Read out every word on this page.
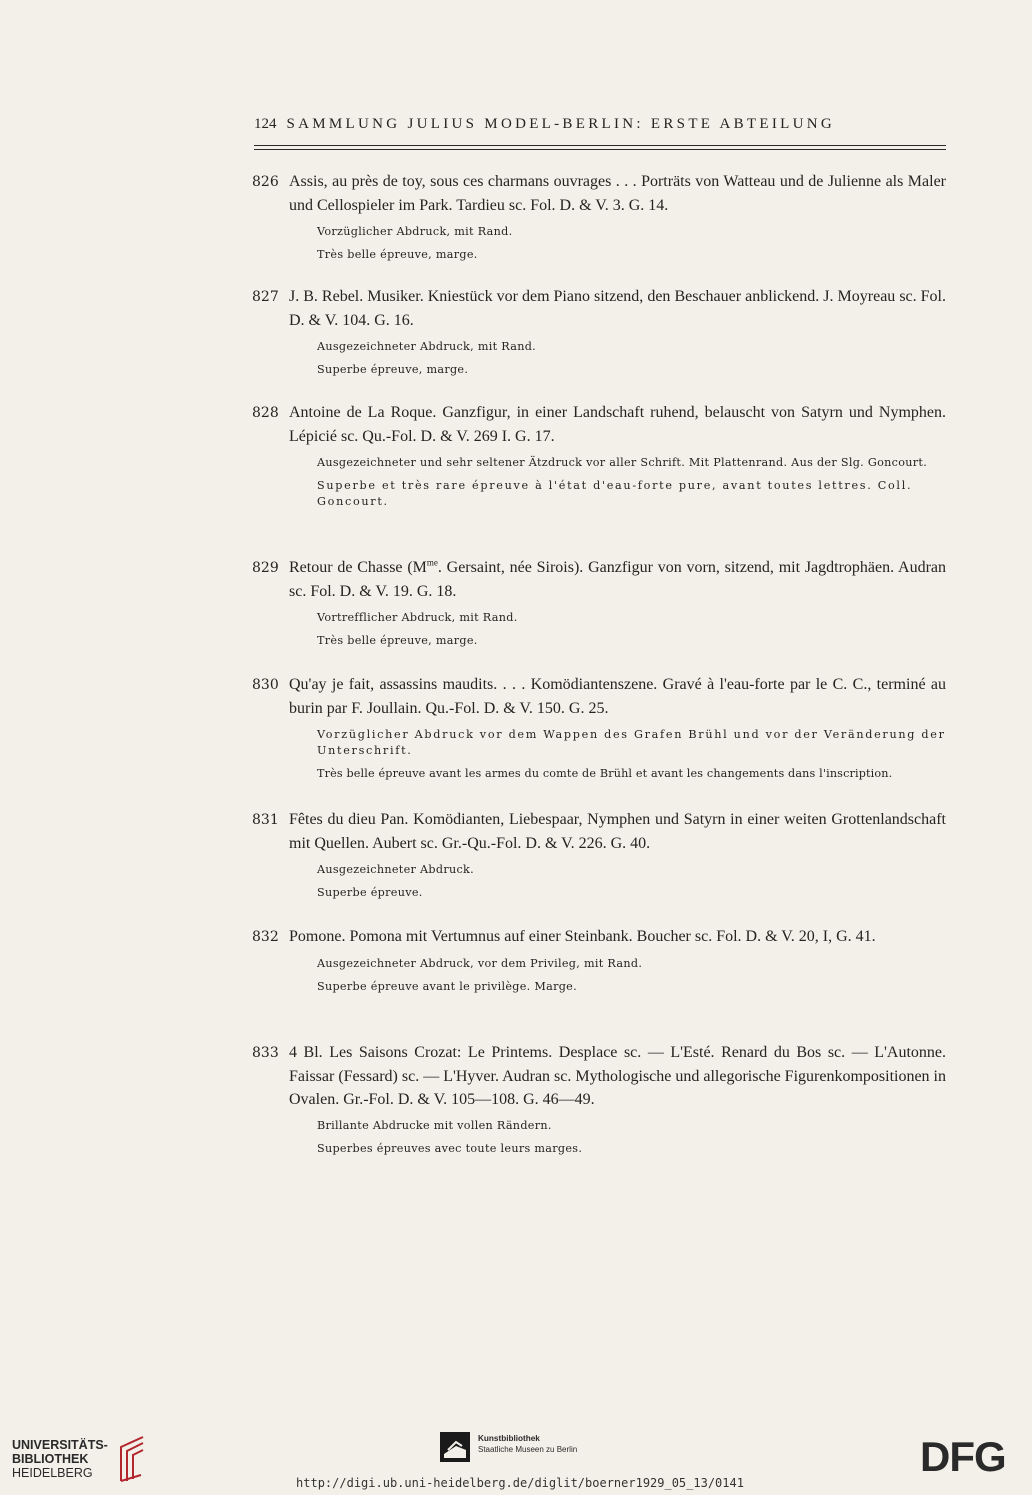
124 SAMMLUNG JULIUS MODEL-BERLIN: ERSTE ABTEILUNG

826 Assis, au près de toy, sous ces charmans ouvrages . . . Porträts von Watteau und de Julienne als Maler und Cellospieler im Park. Tardieu sc. Fol. D. & V. 3. G. 14.

Vorzüglicher Abdruck, mit Rand.

Très belle épreuve, marge.

827 J. B. Rebel. Musiker. Kniestück vor dem Piano sitzend, den Beschauer anblickend. J. Moyreau sc. Fol. D. & V. 104. G. 16.

Ausgezeichneter Abdruck, mit Rand.

Superbe épreuve, marge.

828 Antoine de La Roque. Ganzfigur, in einer Landschaft ruhend, belauscht von Satyrn und Nymphen. Lépicié sc. Qu.-Fol. D. & V. 269 I. G. 17.

Ausgezeichneter und sehr seltener Ätzdruck vor aller Schrift. Mit Plattenrand. Aus der Slg. Goncourt.

Superbe et très rare épreuve à l'état d'eau-forte pure, avant toutes lettres. Coll. Goncourt.

829 Retour de Chasse ($M^{me}$. Gersaint, née Sirois). Ganzfigur von vorn, sitzend, mit Jagdtrophäen. Audran sc. Fol. D. & V. 19. G. 18.

Vortrefflicher Abdruck, mit Rand.

Très belle épreuve, marge.

830 Qu'ay je fait, assassins maudits. . . . Komödiantenszene. Gravé à l'eau-forte par le C. C., terminé au burin par F. Joullain. Qu.-Fol. D. & V. 150. G. 25.

Vorzüglicher Abdruck vor dem Wappen des Grafen Brühl und vor der Veränderung der Unterschrift.

Très belle épreuve avant les armes du comte de Brühl et avant les changements dans l'inscription.

831 Fêtes du dieu Pan. Komödianten, Liebespaar, Nymphen und Satyrn in einer weiten Grottenlandschaft mit Quellen. Aubert sc. Gr.-Qu.-Fol. D. & V. 226. G. 40.

Ausgezeichneter Abdruck.

Superbe épreuve.

832 Pomone. Pomona mit Vertumnus auf einer Steinbank. Boucher sc. Fol. D. & V. 20, I, G. 41.

Ausgezeichneter Abdruck, vor dem Privileg, mit Rand.

Superbe épreuve avant le privilège. Marge.

833 4 Bl. Les Saisons Crozat: Le Printems. Desplace sc. — L'Esté. Renard du Bos sc. — L'Autonne. Faissar (Fessard) sc. — L'Hyver. Audran sc. Mythologische und allegorische Figurenkompositionen in Ovalen. Gr.-Fol. D. & V. 105—108. G. 46—49.

Brillante Abdrucke mit vollen Rändern.

Superbes épreuves avec toute leurs marges.

UNIVERSITÄTS-
BIBLIOTHEK
HEIDELBERG
Kunstbibliothek
Staatliche Museen zu Berlin	DFG
http://digi.ub.uni-heidelberg.de/diglit/boerner1929_05_13/0141
